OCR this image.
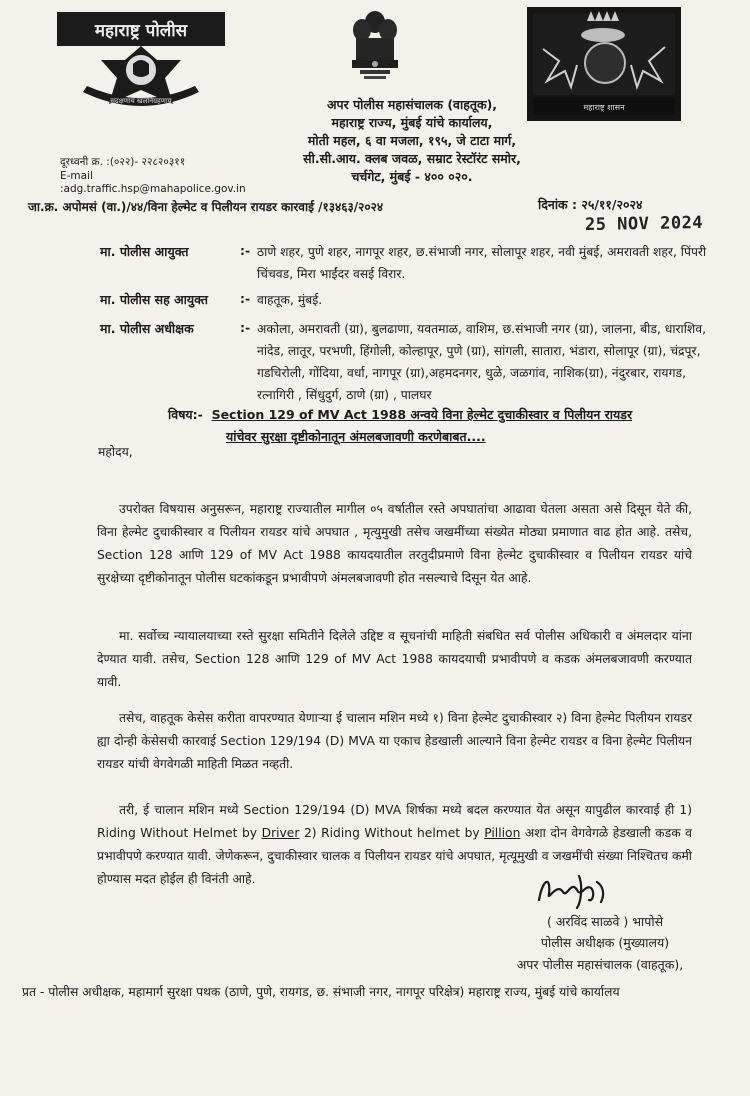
महाराष्ट्र पोलीस
सद्रक्षणाय खलनिग्रहणाय
महाराष्ट्र शासन
अपर पोलीस महासंचालक (वाहतूक),
महाराष्ट्र राज्य, मुंबई यांचे कार्यालय,
मोती महल, ६ वा मजला, १९५, जे टाटा मार्ग,
सी.सी.आय. क्लब जवळ, सम्राट रेस्टॉरंट समोर,
चर्चगेट, मुंबई - ४०० ०२०.
दूरध्वनी क्र. :(०२२)- २२८२०३११
E-mail
:adg.traffic.hsp@mahapolice.gov.in
जा.क्र. अपोमसं (वा.)/४४/विना हेल्मेट व पिलीयन रायडर कारवाई /१३४६३/२०२४	दिनांक : २५/११/२०२४
25 NOV 2024
मा. पोलीस आयुक्त	:- ठाणे शहर, पुणे शहर, नागपूर शहर, छ.संभाजी नगर, सोलापूर शहर, नवी मुंबई, अमरावती शहर, पिंपरी चिंचवड, मिरा भाईंदर वसई विरार.
मा. पोलीस सह आयुक्त	:- वाहतूक, मुंबई.
मा. पोलीस अधीक्षक	:- अकोला, अमरावती (ग्रा), बुलढाणा, यवतमाळ, वाशिम, छ.संभाजी नगर (ग्रा), जालना, बीड, धाराशिव, नांदेड, लातूर, परभणी, हिंगोली, कोल्हापूर, पुणे (ग्रा), सांगली, सातारा, भंडारा, सोलापूर (ग्रा), चंद्रपूर, गडचिरोली, गोंदिया, वर्धा, नागपूर (ग्रा),अहमदनगर, धुळे, जळगांव, नाशिक(ग्रा), नंदुरबार, रायगड, रत्नागिरी , सिंधुदुर्ग, ठाणे (ग्रा) , पालघर
विषय:- Section 129 of MV Act 1988 अन्वये विना हेल्मेट दुचाकीस्वार व पिलीयन रायडर
यांचेवर सुरक्षा दृष्टीकोनातून अंमलबजावणी करणेबाबत....
महोदय,
उपरोक्त विषयास अनुसरून, महाराष्ट्र राज्यातील मागील ०५ वर्षातील रस्ते अपघातांचा आढावा घेतला असता असे दिसून येते की, विना हेल्मेट दुचाकीस्वार व पिलीयन रायडर यांचे अपघात , मृत्युमुखी तसेच जखमींच्या संख्येत मोठ्या प्रमाणात वाढ होत आहे. तसेच, Section 128 आणि 129 of MV Act 1988 कायदयातील तरतुदीप्रमाणे विना हेल्मेट दुचाकीस्वार व पिलीयन रायडर यांचे सुरक्षेच्या दृष्टीकोनातून पोलीस घटकांकडून प्रभावीपणे अंमलबजावणी होत नसल्याचे दिसून येत आहे.
मा. सर्वोच्च न्यायालयाच्या रस्ते सुरक्षा समितीने दिलेले उद्दिष्ट व सूचनांची माहिती संबधित सर्व पोलीस अधिकारी व अंमलदार यांना देण्यात यावी. तसेच, Section 128 आणि 129 of MV Act 1988 कायदयाची प्रभावीपणे व कडक अंमलबजावणी करण्यात यावी.
तसेच, वाहतूक केसेस करीता वापरण्यात येणाऱ्या ई चालान मशिन मध्ये १) विना हेल्मेट दुचाकीस्वार २) विना हेल्मेट पिलीयन रायडर ह्या दोन्ही केसेसची कारवाई Section 129/194 (D) MVA या एकाच हेडखाली आल्याने विना हेल्मेट रायडर व विना हेल्मेट पिलीयन रायडर यांची वेगवेगळी माहिती मिळत नव्हती.
तरी, ई चालान मशिन मध्ये Section 129/194 (D) MVA शिर्षका मध्ये बदल करण्यात येत असून यापुढील कारवाई ही 1) Riding Without Helmet by Driver 2) Riding Without helmet by Pillion अशा दोन वेगवेगळे हेडखाली कडक व प्रभावीपणे करण्यात यावी. जेणेकरून, दुचाकीस्वार चालक व पिलीयन रायडर यांचे अपघात, मृत्यूमुखी व जखमींची संख्या निश्चितच कमी होण्यास मदत होईल ही विनंती आहे.
( अरविंद साळवे ) भापोसे
पोलीस अधीक्षक (मुख्यालय)
अपर पोलीस महासंचालक (वाहतूक),
प्रत - पोलीस अधीक्षक, महामार्ग सुरक्षा पथक (ठाणे, पुणे, रायगड, छ. संभाजी नगर, नागपूर परिक्षेत्र) महाराष्ट्र राज्य, मुंबई यांचे कार्यालय
